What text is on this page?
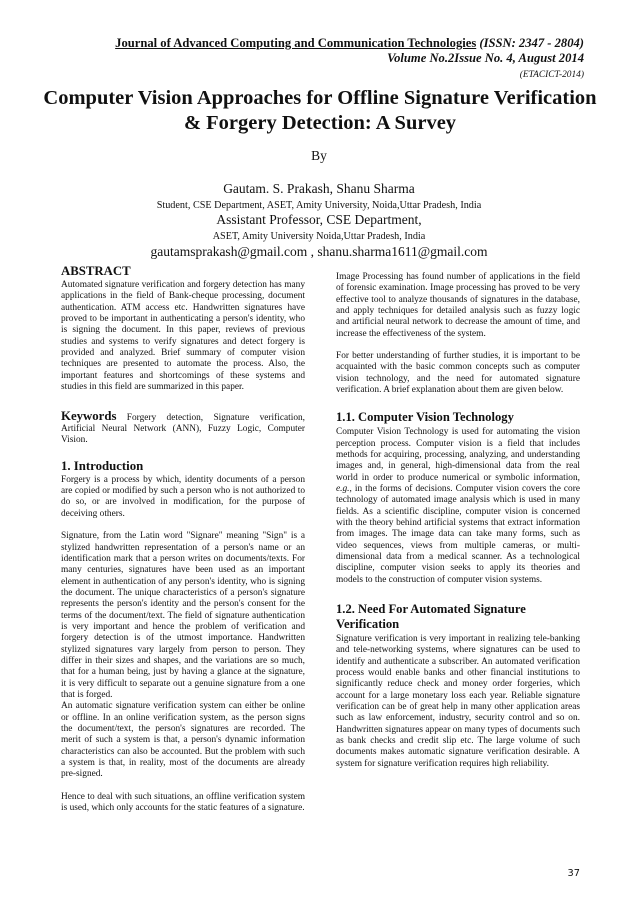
Journal of Advanced Computing and Communication Technologies (ISSN: 2347 - 2804)
Volume No.2Issue No. 4, August 2014
(ETACICT-2014)
Computer Vision Approaches for Offline Signature Verification & Forgery Detection: A Survey
By
Gautam. S. Prakash, Shanu Sharma
Student, CSE Department, ASET, Amity University, Noida,Uttar Pradesh, India
Assistant Professor, CSE Department,
ASET, Amity University Noida,Uttar Pradesh, India
gautamsprakash@gmail.com , shanu.sharma1611@gmail.com
ABSTRACT

Automated signature verification and forgery detection has many applications in the field of Bank-cheque processing, document authentication. ATM access etc. Handwritten signatures have proved to be important in authenticating a person's identity, who is signing the document. In this paper, reviews of previous studies and systems to verify signatures and detect forgery is provided and analyzed. Brief summary of computer vision techniques are presented to automate the process. Also, the important features and shortcomings of these systems and studies in this field are summarized in this paper.

Keywords Forgery detection, Signature verification, Artificial Neural Network (ANN), Fuzzy Logic, Computer Vision.
1. Introduction

Forgery is a process by which, identity documents of a person are copied or modified by such a person who is not authorized to do so, or are involved in modification, for the purpose of deceiving others.

Signature, from the Latin word "Signare" meaning "Sign" is a stylized handwritten representation of a person's name or an identification mark that a person writes on documents/texts. For many centuries, signatures have been used as an important element in authentication of any person's identity, who is signing the document. The unique characteristics of a person's signature represents the person's identity and the person's consent for the terms of the document/text. The field of signature authentication is very important and hence the problem of verification and forgery detection is of the utmost importance. Handwritten stylized signatures vary largely from person to person. They differ in their sizes and shapes, and the variations are so much, that for a human being, just by having a glance at the signature, it is very difficult to separate out a genuine signature from a one that is forged.

An automatic signature verification system can either be online or offline. In an online verification system, as the person signs the document/text, the person's signatures are recorded. The merit of such a system is that, a person's dynamic information characteristics can also be accounted. But the problem with such a system is that, in reality, most of the documents are already pre-signed.

Hence to deal with such situations, an offline verification system is used, which only accounts for the static features of a signature.

Image Processing has found number of applications in the field of forensic examination. Image processing has proved to be very effective tool to analyze thousands of signatures in the database, and apply techniques for detailed analysis such as fuzzy logic and artificial neural network to decrease the amount of time, and increase the effectiveness of the system.

For better understanding of further studies, it is important to be acquainted with the basic common concepts such as computer vision technology, and the need for automated signature verification. A brief explanation about them are given below.

1.1. Computer Vision Technology

Computer Vision Technology is used for automating the vision perception process. Computer vision is a field that includes methods for acquiring, processing, analyzing, and understanding images and, in general, high-dimensional data from the real world in order to produce numerical or symbolic information, e.g., in the forms of decisions. Computer vision covers the core technology of automated image analysis which is used in many fields. As a scientific discipline, computer vision is concerned with the theory behind artificial systems that extract information from images. The image data can take many forms, such as video sequences, views from multiple cameras, or multi-dimensional data from a medical scanner. As a technological discipline, computer vision seeks to apply its theories and models to the construction of computer vision systems.

1.2. Need For Automated Signature Verification

Signature verification is very important in realizing tele-banking and tele-networking systems, where signatures can be used to identify and authenticate a subscriber. An automated verification process would enable banks and other financial institutions to significantly reduce check and money order forgeries, which account for a large monetary loss each year. Reliable signature verification can be of great help in many other application areas such as law enforcement, industry, security control and so on. Handwritten signatures appear on many types of documents such as bank checks and credit slip etc. The large volume of such documents makes automatic signature verification desirable. A system for signature verification requires high reliability.

37
